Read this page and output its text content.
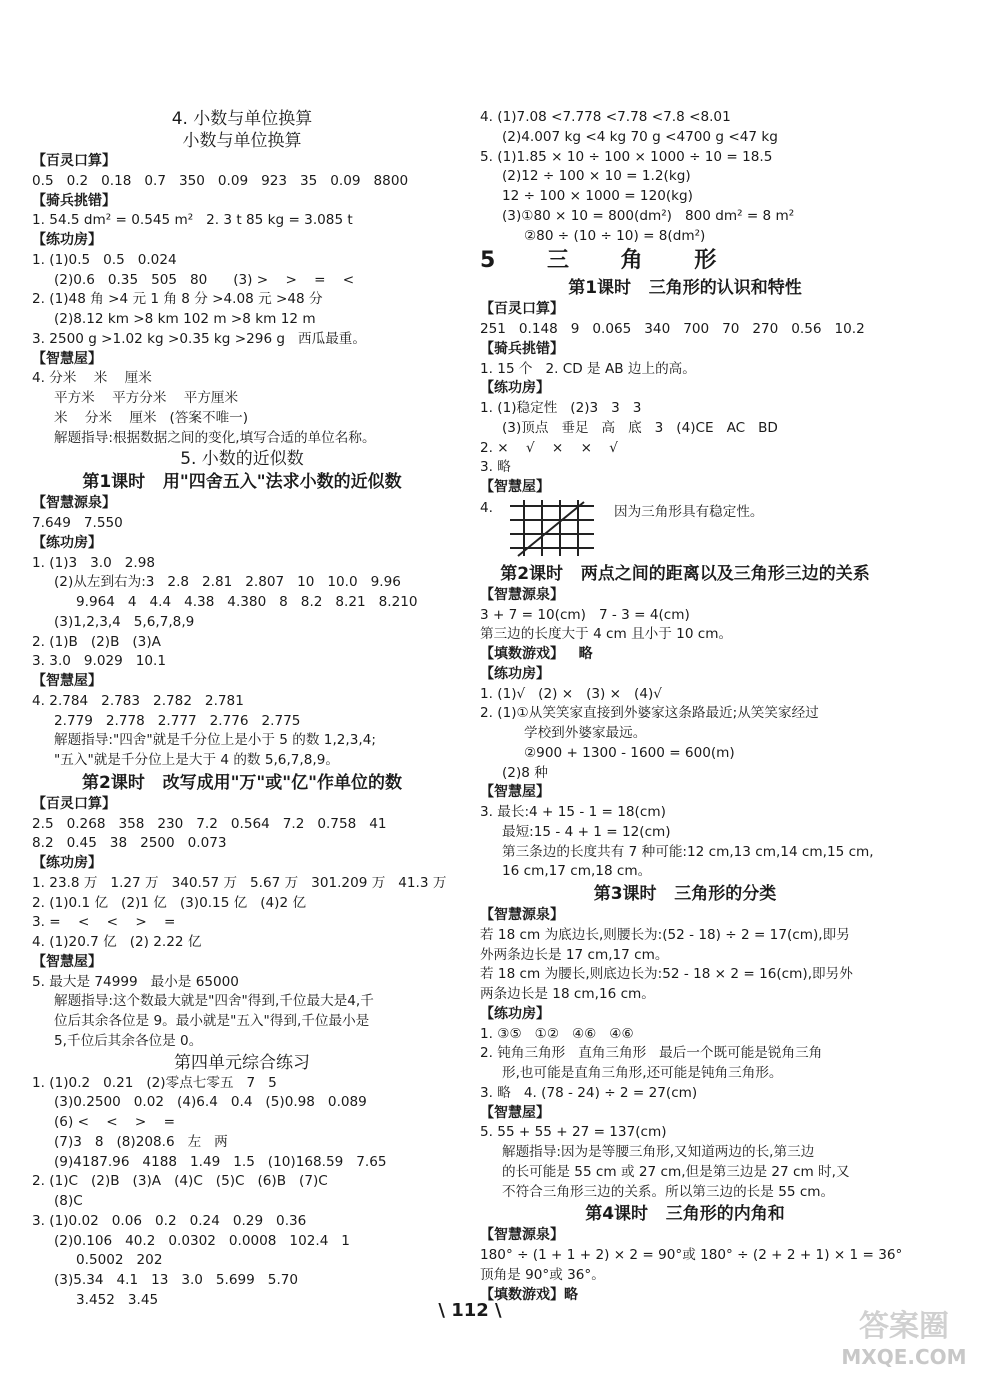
4. 小数与单位换算
小数与单位换算
【百灵口算】
0.5   0.2   0.18   0.7   350   0.09   923   35   0.09   8800
【骑兵挑错】
1. 54.5 dm² = 0.545 m²   2. 3 t 85 kg = 3.085 t
【练功房】
1. (1)0.5   0.5   0.024
(2)0.6   0.35   505   80      (3) >    >    =    <
2. (1)48 角 >4 元 1 角 8 分 >4.08 元 >48 分
(2)8.12 km >8 km 102 m >8 km 12 m
3. 2500 g >1.02 kg >0.35 kg >296 g   西瓜最重。
【智慧屋】
4. 分米    米    厘米
平方米    平方分米    平方厘米
米    分米    厘米   (答案不唯一)
解题指导:根据数据之间的变化,填写合适的单位名称。
5. 小数的近似数
第1课时   用"四舍五入"法求小数的近似数
【智慧源泉】
7.649   7.550
【练功房】
1. (1)3   3.0   2.98
(2)从左到右为:3   2.8   2.81   2.807   10   10.0   9.96
9.964   4   4.4   4.38   4.380   8   8.2   8.21   8.210
(3)1,2,3,4   5,6,7,8,9
2. (1)B   (2)B   (3)A
3. 3.0   9.029   10.1
【智慧屋】
4. 2.784   2.783   2.782   2.781
2.779   2.778   2.777   2.776   2.775
解题指导:"四舍"就是千分位上是小于 5 的数 1,2,3,4;
"五入"就是千分位上是大于 4 的数 5,6,7,8,9。
第2课时   改写成用"万"或"亿"作单位的数
【百灵口算】
2.5   0.268   358   230   7.2   0.564   7.2   0.758   41
8.2   0.45   38   2500   0.073
【练功房】
1. 23.8 万   1.27 万   340.57 万   5.67 万   301.209 万   41.3 万
2. (1)0.1 亿   (2)1 亿   (3)0.15 亿   (4)2 亿
3. =    <    <    >    =
4. (1)20.7 亿   (2) 2.22 亿
【智慧屋】
5. 最大是 74999   最小是 65000
解题指导:这个数最大就是"四舍"得到,千位最大是4,千
位后其余各位是 9。最小就是"五入"得到,千位最小是
5,千位后其余各位是 0。
第四单元综合练习
1. (1)0.2   0.21   (2)零点七零五   7   5
(3)0.2500   0.02   (4)6.4   0.4   (5)0.98   0.089
(6) <    <    >    =
(7)3   8   (8)208.6   左   两
(9)4187.96   4188   1.49   1.5   (10)168.59   7.65
2. (1)C   (2)B   (3)A   (4)C   (5)C   (6)B   (7)C
(8)C
3. (1)0.02   0.06   0.2   0.24   0.29   0.36
(2)0.106   40.2   0.0302   0.0008   102.4   1
0.5002   202
(3)5.34   4.1   13   3.0   5.699   5.70
3.452   3.45
4. (1)7.08 <7.778 <7.78 <7.8 <8.01
(2)4.007 kg <4 kg 70 g <4700 g <47 kg
5. (1)1.85 × 10 ÷ 100 × 1000 ÷ 10 = 18.5
(2)12 ÷ 100 × 10 = 1.2(kg)
12 ÷ 100 × 1000 = 120(kg)
(3)①80 × 10 = 800(dm²)   800 dm² = 8 m²
②80 ÷ (10 ÷ 10) = 8(dm²)
5 三 角 形
第1课时   三角形的认识和特性
【百灵口算】
251   0.148   9   0.065   340   700   70   270   0.56   10.2
【骑兵挑错】
1. 15 个   2. CD 是 AB 边上的高。
【练功房】
1. (1)稳定性   (2)3   3   3
(3)顶点   垂足   高   底   3   (4)CE   AC   BD
2. ×    √    ×    ×    √
3. 略
【智慧屋】
4.	因为三角形具有稳定性。
第2课时   两点之间的距离以及三角形三边的关系
【智慧源泉】
3 + 7 = 10(cm)   7 - 3 = 4(cm)
第三边的长度大于 4 cm 且小于 10 cm。
【填数游戏】   略
【练功房】
1. (1)√   (2) ×   (3) ×   (4)√
2. (1)①从笑笑家直接到外婆家这条路最近;从笑笑家经过
学校到外婆家最远。
②900 + 1300 - 1600 = 600(m)
(2)8 种
【智慧屋】
3. 最长:4 + 15 - 1 = 18(cm)
最短:15 - 4 + 1 = 12(cm)
第三条边的长度共有 7 种可能:12 cm,13 cm,14 cm,15 cm,
16 cm,17 cm,18 cm。
第3课时   三角形的分类
【智慧源泉】
若 18 cm 为底边长,则腰长为:(52 - 18) ÷ 2 = 17(cm),即另
外两条边长是 17 cm,17 cm。
若 18 cm 为腰长,则底边长为:52 - 18 × 2 = 16(cm),即另外
两条边长是 18 cm,16 cm。
【练功房】
1. ③⑤   ①②   ④⑥   ④⑥
2. 钝角三角形   直角三角形   最后一个既可能是锐角三角
形,也可能是直角三角形,还可能是钝角三角形。
3. 略   4. (78 - 24) ÷ 2 = 27(cm)
【智慧屋】
5. 55 + 55 + 27 = 137(cm)
解题指导:因为是等腰三角形,又知道两边的长,第三边
的长可能是 55 cm 或 27 cm,但是第三边是 27 cm 时,又
不符合三角形三边的关系。所以第三边的长是 55 cm。
第4课时   三角形的内角和
【智慧源泉】
180° ÷ (1 + 1 + 2) × 2 = 90°或 180° ÷ (2 + 2 + 1) × 1 = 36°
顶角是 90°或 36°。
【填数游戏】略
\ 112 \	答案圈
MXQE.COM
